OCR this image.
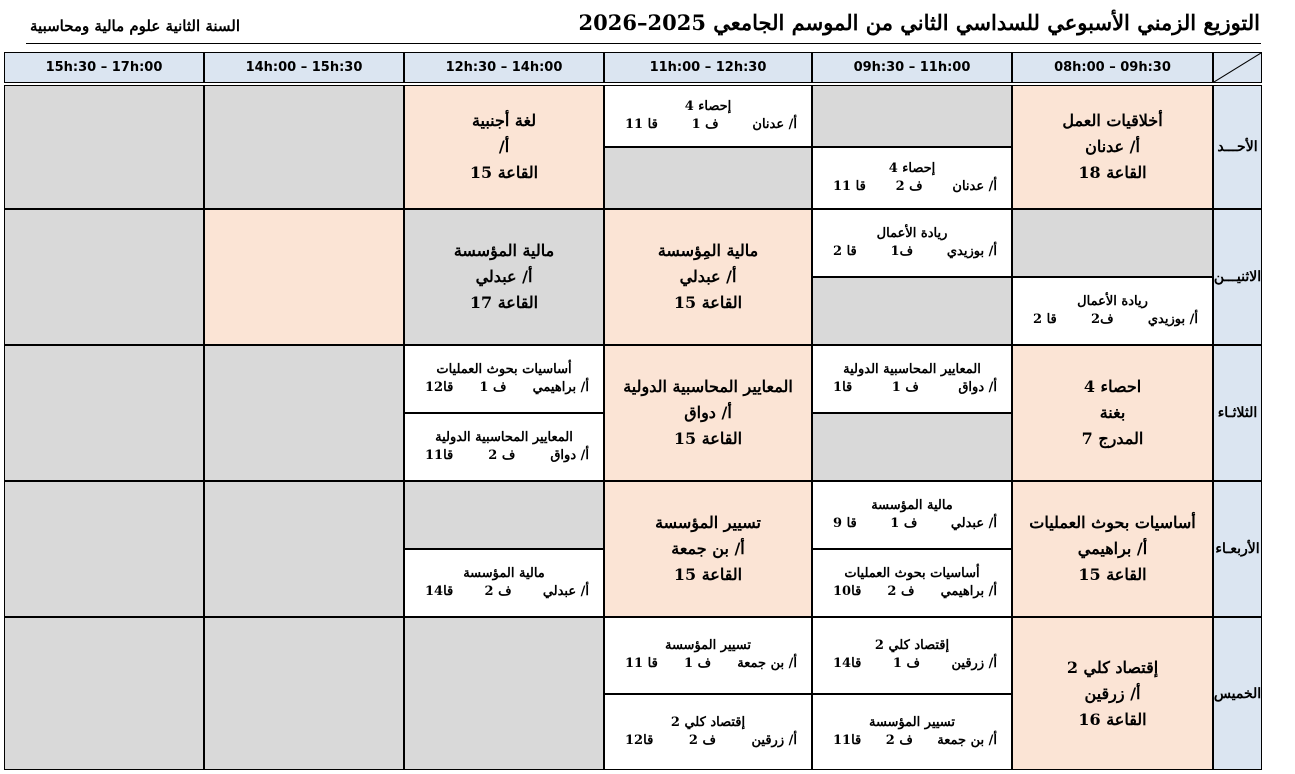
التوزيع الزمني الأسبوعي للسداسي الثاني من الموسم الجامعي 2025–2026
السنة الثانية علوم مالية ومحاسبية
08h:00 – 09h:30
09h:30 – 11h:00
11h:00 – 12h:30
12h:30 – 14h:00
14h:00 – 15h:30
15h:30 – 17h:00
الأحـــد
أخلاقيات العمل
أ/ عدنان
القاعة 18
إحصاء 4
أ/ عدنان
ف 2
قا 11
إحصاء 4
أ/ عدنان
ف 1
قا 11
لغة أجنبية
أ/
القاعة 15
الاثنيـــن
ريادة الأعمال
أ/ بوزيدي
ف2
قا 2
ريادة الأعمال
أ/ بوزيدي
ف1
قا 2
مالية المِؤسسة
أ/ عبدلي
القاعة 15
مالية المؤسسة
أ/ عبدلي
القاعة 17
الثلاثـاء
احصاء 4
بغنة
المدرج 7
المعايير المحاسبية الدولية
أ/ دواق
ف 1
قا1
المعايير المحاسبية الدولية
أ/ دواق
القاعة 15
أساسيات بحوث العمليات
أ/ براهيمي
ف 1
قا12
المعايير المحاسبية الدولية
أ/ دواق
ف 2
قا11
الأربعـاء
أساسيات بحوث العمليات
أ/ براهيمي
القاعة 15
مالية المؤسسة
أ/ عبدلي
ف 1
قا 9
أساسيات بحوث العمليات
أ/ براهيمي
ف 2
قا10
تسيير المؤسسة
أ/ بن جمعة
القاعة 15
مالية المؤسسة
أ/ عبدلي
ف 2
قا14
الخميس
إقتصاد كلي 2
أ/ زرقين
القاعة 16
إقتصاد كلي 2
أ/ زرقين
ف 1
قا14
تسيير المؤسسة
أ/ بن جمعة
ف 2
قا11
تسيير المؤسسة
أ/ بن جمعة
ف 1
قا 11
إقتصاد كلي 2
أ/ زرقين
ف 2
قا12
